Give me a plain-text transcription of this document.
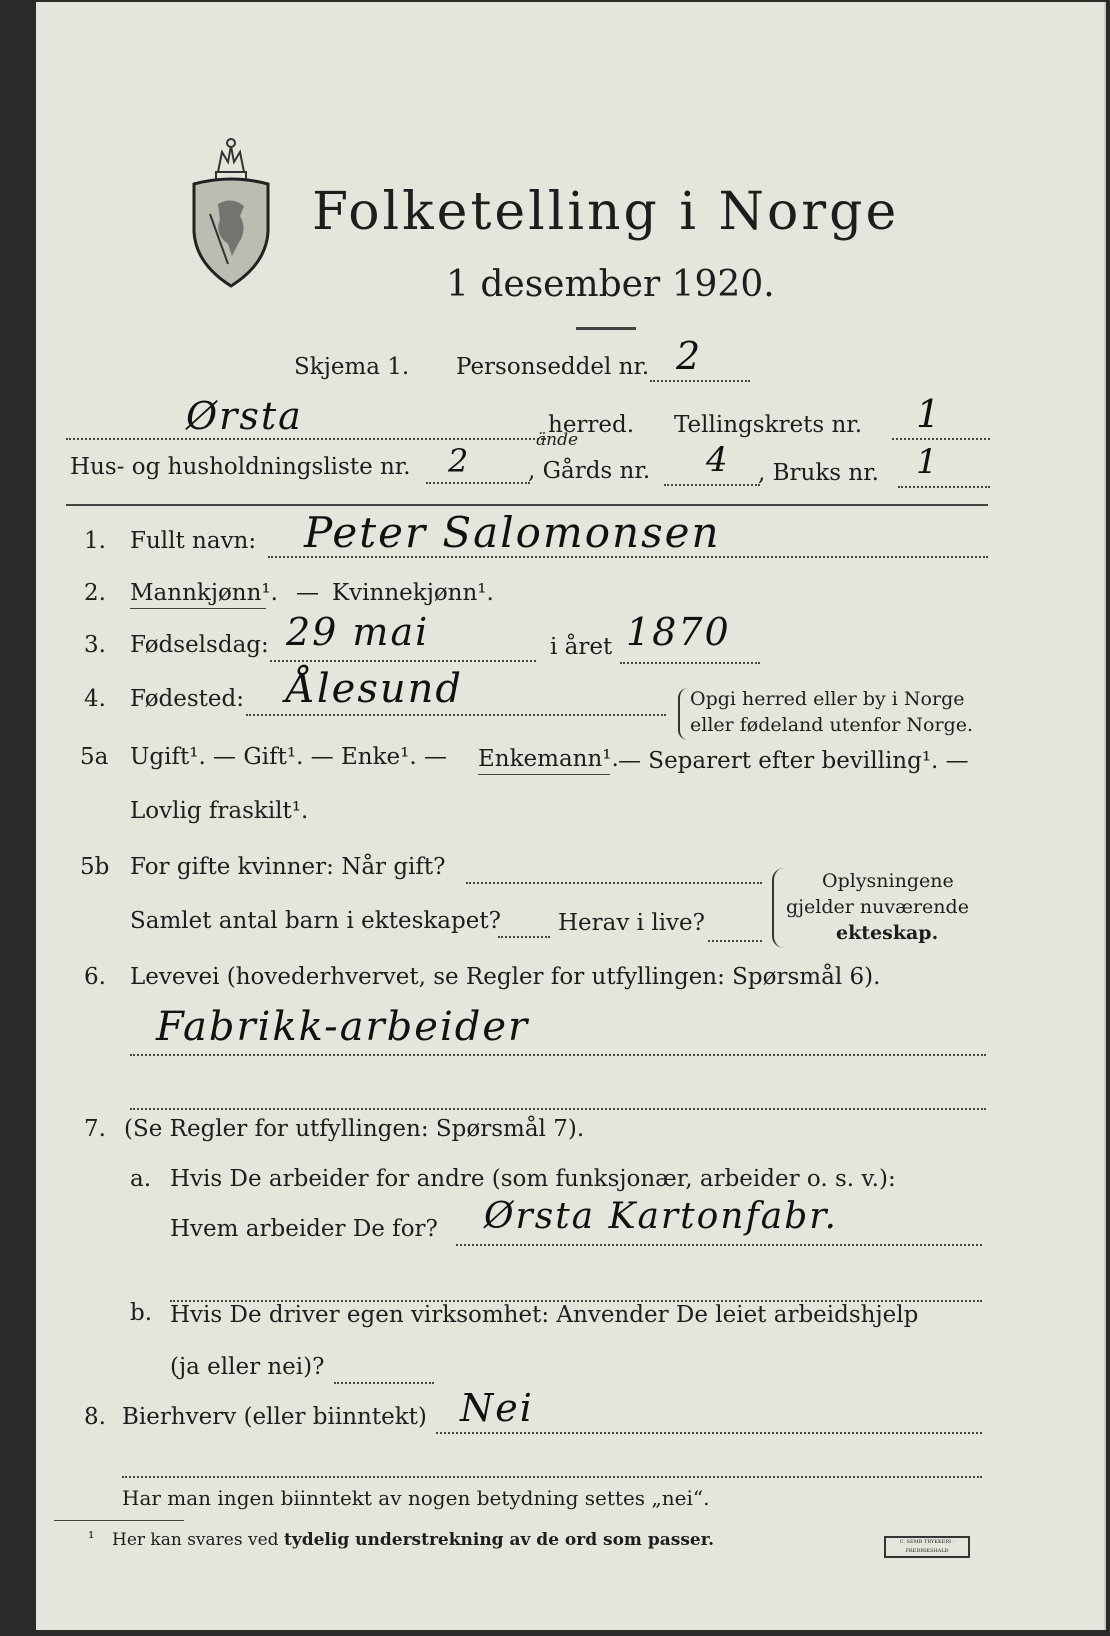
Folketelling i Norge
1 desember 1920.
Skjema 1. Personseddel nr. 2
Ørsta	herred. Tellingskrets nr. 1
Hus- og husholdningsliste nr. 2
ände
, Gårds nr. 4 , Bruks nr. 1
1. Fullt navn: Peter Salomonsen
2. Mannkjønn¹. — Kvinnekjønn¹.
3. Fødselsdag: 29 mai	i året 1870
4. Fødested: Ålesund	Opgi herred eller by i Norge
eller fødeland utenfor Norge.
5a Ugift¹. — Gift¹. — Enke¹. — Enkemann¹. — Separert efter bevilling¹. —
Lovlig fraskilt¹.
5b For gifte kvinner: Når gift?
Samlet antal barn i ekteskapet? Herav i live?
Oplysningene
gjelder nuværende
ekteskap.
6. Levevei (hovederhvervet, se Regler for utfyllingen: Spørsmål 6).
Fabrikk-arbeider
7. (Se Regler for utfyllingen: Spørsmål 7).
a. Hvis De arbeider for andre (som funksjonær, arbeider o. s. v.):
Hvem arbeider De for? Ørsta Kartonfabr.
b. Hvis De driver egen virksomhet: Anvender De leiet arbeidshjelp
(ja eller nei)?
8. Bierhverv (eller biinntekt) Nei
Har man ingen biinntekt av nogen betydning settes „nei“.
¹ Her kan svares ved tydelig understrekning av de ord som passer.	C. SEMB TRYKKERI · FREDRIKSHALD
